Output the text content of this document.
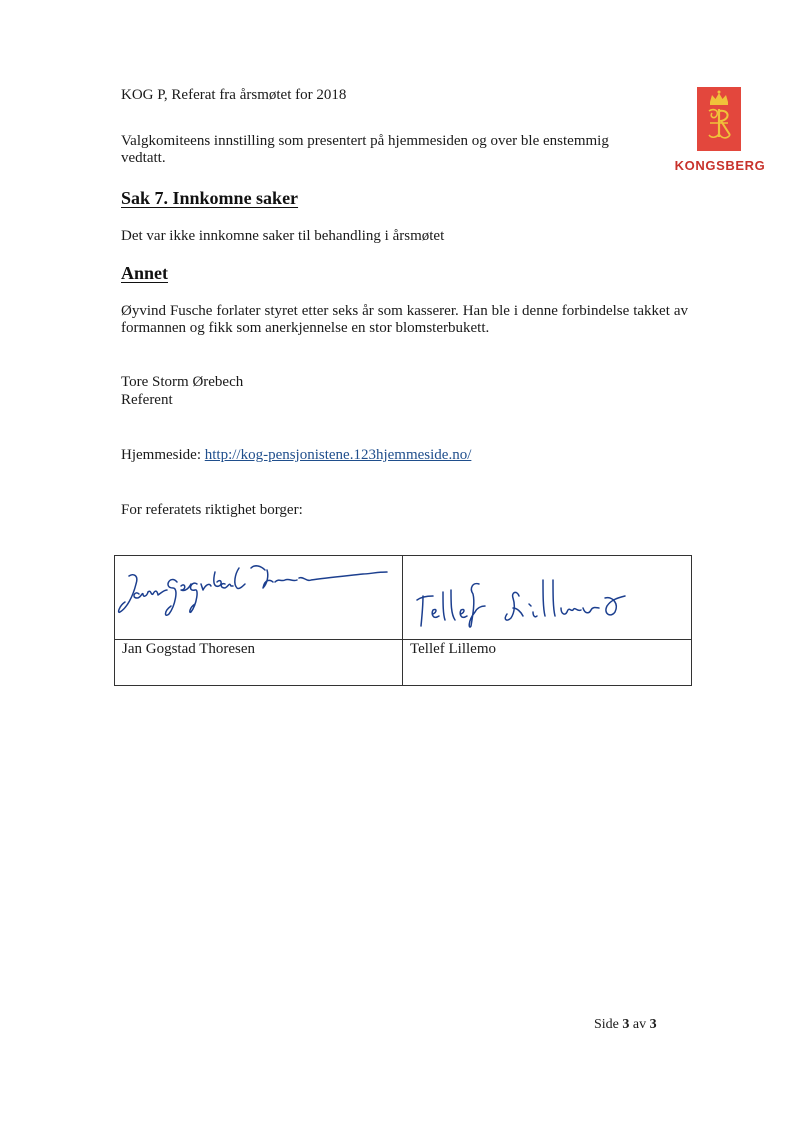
KOG P, Referat fra årsmøtet for 2018
KONGSBERG
Valgkomiteens innstilling som presentert på hjemmesiden og over ble enstemmig vedtatt.
Sak 7. Innkomne saker
Det var ikke innkomne saker til behandling i årsmøtet
Annet
Øyvind Fusche forlater styret etter seks år som kasserer. Han ble i denne forbindelse takket av formannen og fikk som anerkjennelse en stor blomsterbukett.
Tore Storm Ørebech
Referent
Hjemmeside: http://kog-pensjonistene.123hjemmeside.no/
For referatets riktighet borger:

Jan Gogstad Thoresen	Tellef Lillemo
Side 3 av 3
